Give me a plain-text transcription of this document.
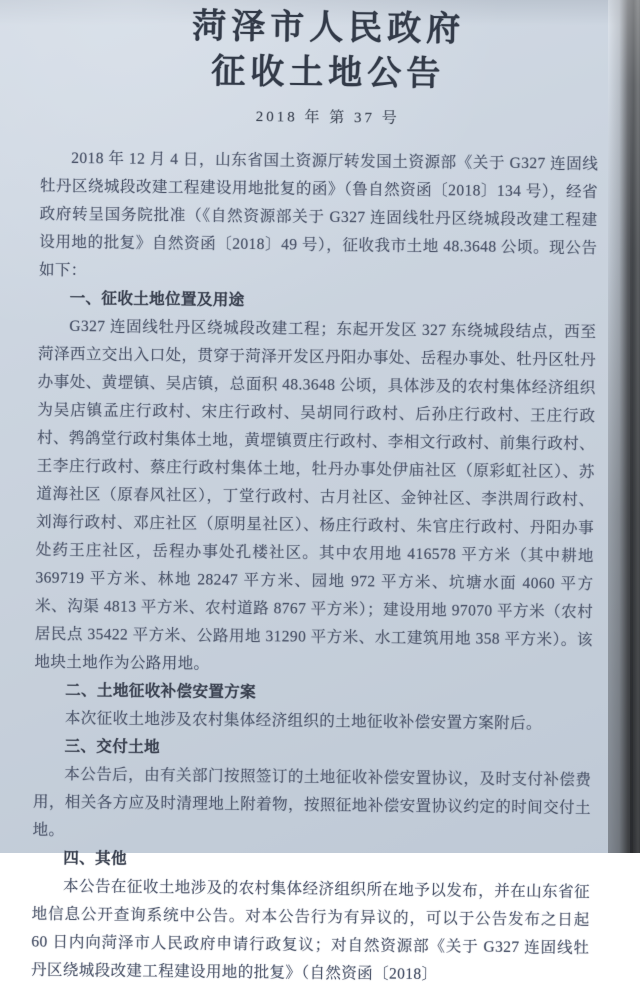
菏泽市人民政府
征收土地公告
2018 年 第 37 号

2018 年 12 月 4 日，山东省国土资源厅转发国土资源部《关于 G327 连固线牡丹区绕城段改建工程建设用地批复的函》（鲁自然资函〔2018〕134 号），经省政府转呈国务院批准（《自然资源部关于 G327 连固线牡丹区绕城段改建工程建设用地的批复》自然资函〔2018〕49 号），征收我市土地 48.3648 公顷。现公告如下：

一、征收土地位置及用途

G327 连固线牡丹区绕城段改建工程；东起开发区 327 东绕城段结点，西至菏泽西立交出入口处，贯穿于菏泽开发区丹阳办事处、岳程办事处、牡丹区牡丹办事处、黄堽镇、吴店镇，总面积 48.3648 公顷，具体涉及的农村集体经济组织为吴店镇孟庄行政村、宋庄行政村、吴胡同行政村、后孙庄行政村、王庄行政村、鹁鸽堂行政村集体土地，黄堽镇贾庄行政村、李相文行政村、前集行政村、王李庄行政村、蔡庄行政村集体土地，牡丹办事处伊庙社区（原彩虹社区）、苏道海社区（原春风社区），丁堂行政村、古月社区、金钟社区、李洪周行政村、刘海行政村、邓庄社区（原明星社区）、杨庄行政村、朱官庄行政村、丹阳办事处药王庄社区，岳程办事处孔楼社区。其中农用地 416578 平方米（其中耕地 369719 平方米、林地 28247 平方米、园地 972 平方米、坑塘水面 4060 平方米、沟渠 4813 平方米、农村道路 8767 平方米）；建设用地 97070 平方米（农村居民点 35422 平方米、公路用地 31290 平方米、水工建筑用地 358 平方米）。该地块土地作为公路用地。

二、土地征收补偿安置方案

本次征收土地涉及农村集体经济组织的土地征收补偿安置方案附后。

三、交付土地

本公告后，由有关部门按照签订的土地征收补偿安置协议，及时支付补偿费用，相关各方应及时清理地上附着物，按照征地补偿安置协议约定的时间交付土地。

四、其他

本公告在征收土地涉及的农村集体经济组织所在地予以发布，并在山东省征地信息公开查询系统中公告。对本公告行为有异议的，可以于公告发布之日起 60 日内向菏泽市人民政府申请行政复议；对自然资源部《关于 G327 连固线牡丹区绕城段改建工程建设用地的批复》（自然资函〔2018〕
